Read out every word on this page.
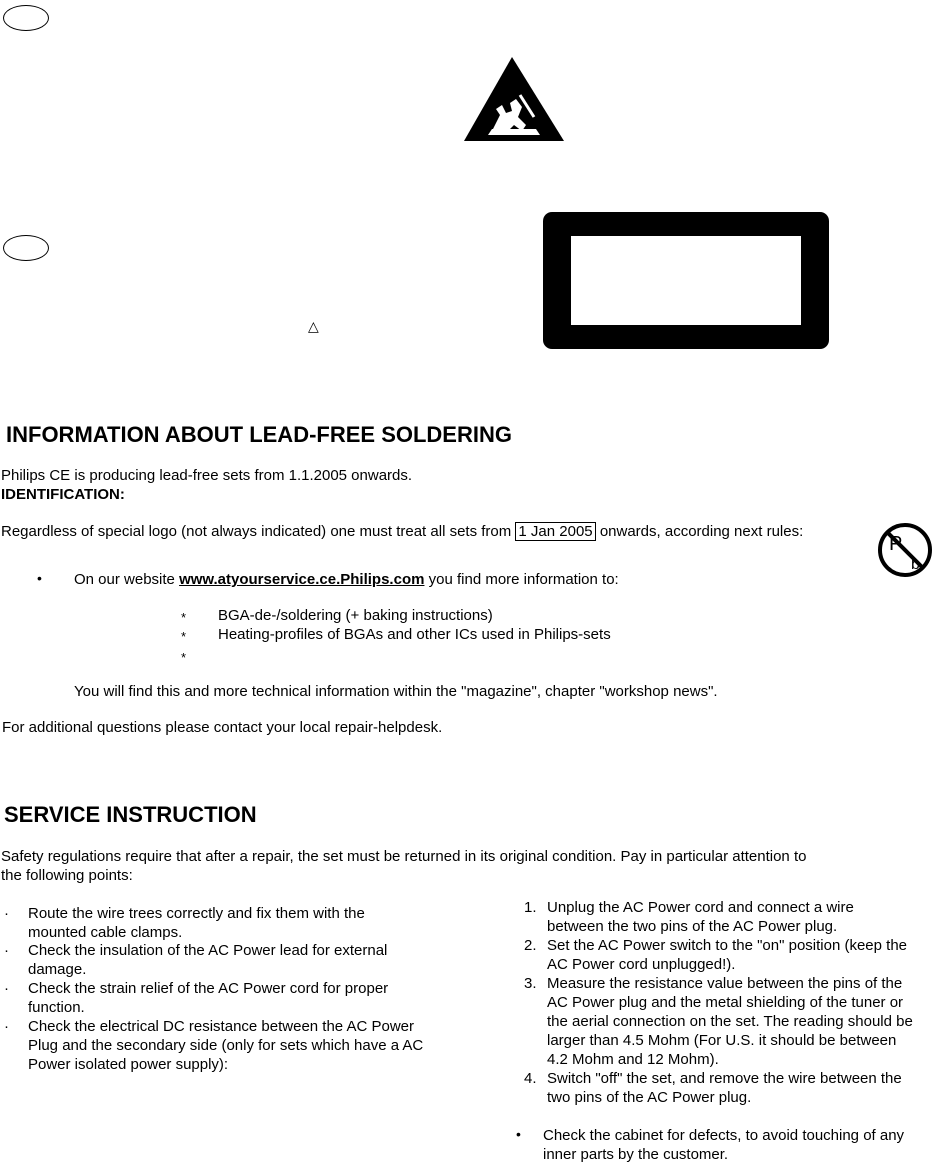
△
INFORMATION ABOUT LEAD-FREE SOLDERING
Philips CE is producing lead-free sets from 1.1.2005 onwards.
IDENTIFICATION:
Regardless of special logo (not always indicated) one must treat all sets from 1 Jan 2005 onwards, according next rules:
P
b
• On our website www.atyourservice.ce.Philips.com you find more information to:
* BGA-de-/soldering (+ baking instructions)
* Heating-profiles of BGAs and other ICs used in Philips-sets
*
You will find this and more technical information within the "magazine", chapter "workshop news".
For additional questions please contact your local repair-helpdesk.
SERVICE INSTRUCTION
Safety regulations require that after a repair, the set must be returned in its original condition. Pay in particular attention to
the following points:
· Route the wire trees correctly and fix them with the
mounted cable clamps.
· Check the insulation of the AC Power lead for external
damage.
· Check the strain relief of the AC Power cord for proper
function.
· Check the electrical DC resistance between the AC Power
Plug and the secondary side (only for sets which have a AC
Power isolated power supply):
1. Unplug the AC Power cord and connect a wire
between the two pins of the AC Power plug.
2. Set the AC Power switch to the "on" position (keep the
AC Power cord unplugged!).
3. Measure the resistance value between the pins of the
AC Power plug and the metal shielding of the tuner or
the aerial connection on the set. The reading should be
larger than 4.5 Mohm (For U.S. it should be between
4.2 Mohm and 12 Mohm).
4. Switch "off" the set, and remove the wire between the
two pins of the AC Power plug.
• Check the cabinet for defects, to avoid touching of any
inner parts by the customer.
